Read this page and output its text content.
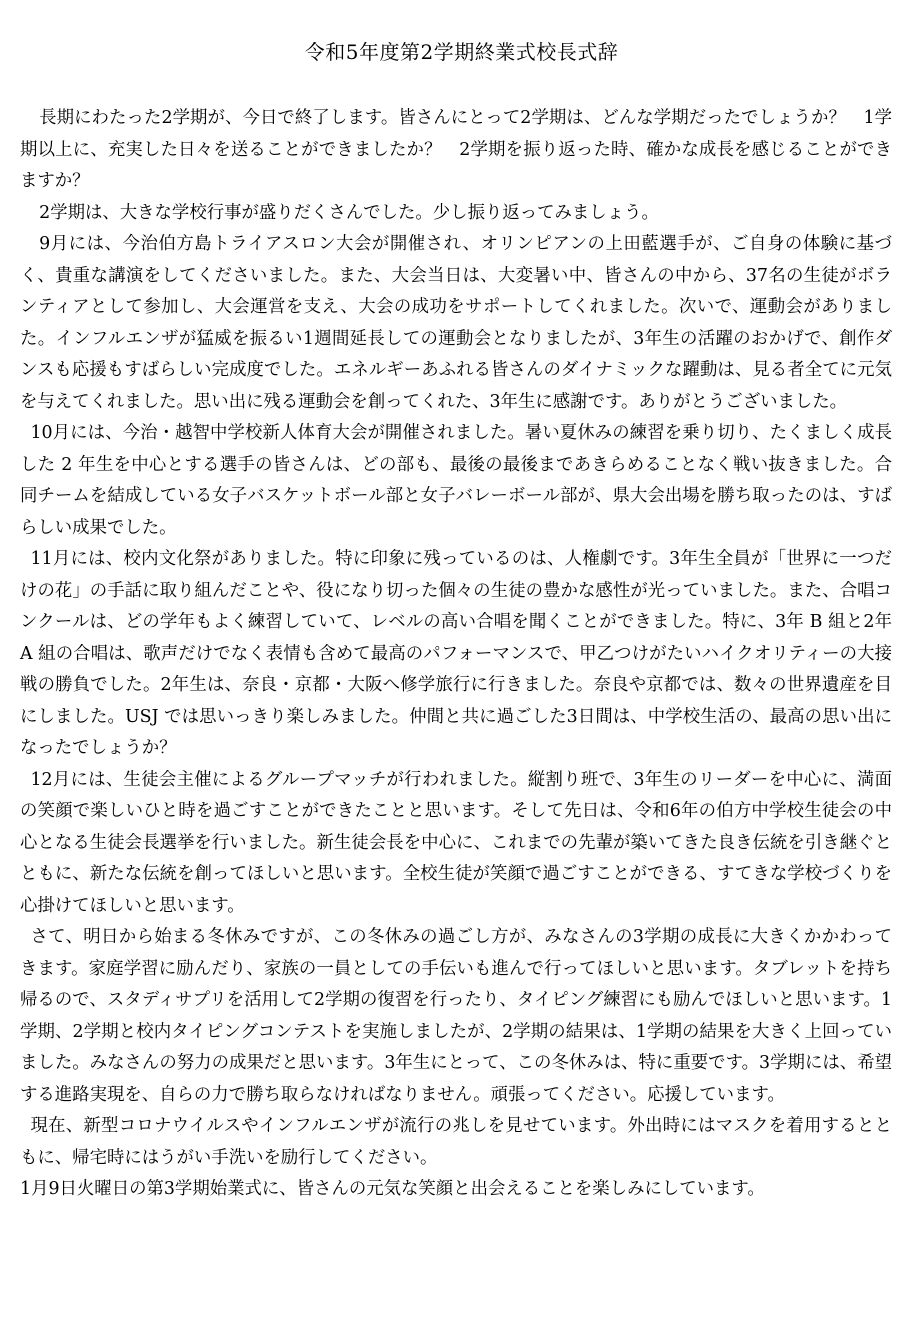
令和5年度第2学期終業式校長式辞

長期にわたった2学期が、今日で終了します。皆さんにとって2学期は、どんな学期だったでしょうか？　1学期以上に、充実した日々を送ることができましたか？　2学期を振り返った時、確かな成長を感じることができますか？

2学期は、大きな学校行事が盛りだくさんでした。少し振り返ってみましょう。

9月には、今治伯方島トライアスロン大会が開催され、オリンピアンの上田藍選手が、ご自身の体験に基づく、貴重な講演をしてくださいました。また、大会当日は、大変暑い中、皆さんの中から、37名の生徒がボランティアとして参加し、大会運営を支え、大会の成功をサポートしてくれました。次いで、運動会がありました。インフルエンザが猛威を振るい1週間延長しての運動会となりましたが、3年生の活躍のおかげで、創作ダンスも応援もすばらしい完成度でした。エネルギーあふれる皆さんのダイナミックな躍動は、見る者全てに元気を与えてくれました。思い出に残る運動会を創ってくれた、3年生に感謝です。ありがとうございました。

10月には、今治・越智中学校新人体育大会が開催されました。暑い夏休みの練習を乗り切り、たくましく成長した 2 年生を中心とする選手の皆さんは、どの部も、最後の最後まであきらめることなく戦い抜きました。合同チームを結成している女子バスケットボール部と女子バレーボール部が、県大会出場を勝ち取ったのは、すばらしい成果でした。

11月には、校内文化祭がありました。特に印象に残っているのは、人権劇です。3年生全員が「世界に一つだけの花」の手話に取り組んだことや、役になり切った個々の生徒の豊かな感性が光っていました。また、合唱コンクールは、どの学年もよく練習していて、レベルの高い合唱を聞くことができました。特に、3年 B 組と2年 A 組の合唱は、歌声だけでなく表情も含めて最高のパフォーマンスで、甲乙つけがたいハイクオリティーの大接戦の勝負でした。2年生は、奈良・京都・大阪へ修学旅行に行きました。奈良や京都では、数々の世界遺産を目にしました。USJ では思いっきり楽しみました。仲間と共に過ごした3日間は、中学校生活の、最高の思い出になったでしょうか？

12月には、生徒会主催によるグループマッチが行われました。縦割り班で、3年生のリーダーを中心に、満面の笑顔で楽しいひと時を過ごすことができたことと思います。そして先日は、令和6年の伯方中学校生徒会の中心となる生徒会長選挙を行いました。新生徒会長を中心に、これまでの先輩が築いてきた良き伝統を引き継ぐとともに、新たな伝統を創ってほしいと思います。全校生徒が笑顔で過ごすことができる、すてきな学校づくりを心掛けてほしいと思います。

さて、明日から始まる冬休みですが、この冬休みの過ごし方が、みなさんの3学期の成長に大きくかかわってきます。家庭学習に励んだり、家族の一員としての手伝いも進んで行ってほしいと思います。タブレットを持ち帰るので、スタディサプリを活用して2学期の復習を行ったり、タイピング練習にも励んでほしいと思います。1学期、2学期と校内タイピングコンテストを実施しましたが、2学期の結果は、1学期の結果を大きく上回っていました。みなさんの努力の成果だと思います。3年生にとって、この冬休みは、特に重要です。3学期には、希望する進路実現を、自らの力で勝ち取らなければなりません。頑張ってください。応援しています。

現在、新型コロナウイルスやインフルエンザが流行の兆しを見せています。外出時にはマスクを着用するとともに、帰宅時にはうがい手洗いを励行してください。

1月9日火曜日の第3学期始業式に、皆さんの元気な笑顔と出会えることを楽しみにしています。
